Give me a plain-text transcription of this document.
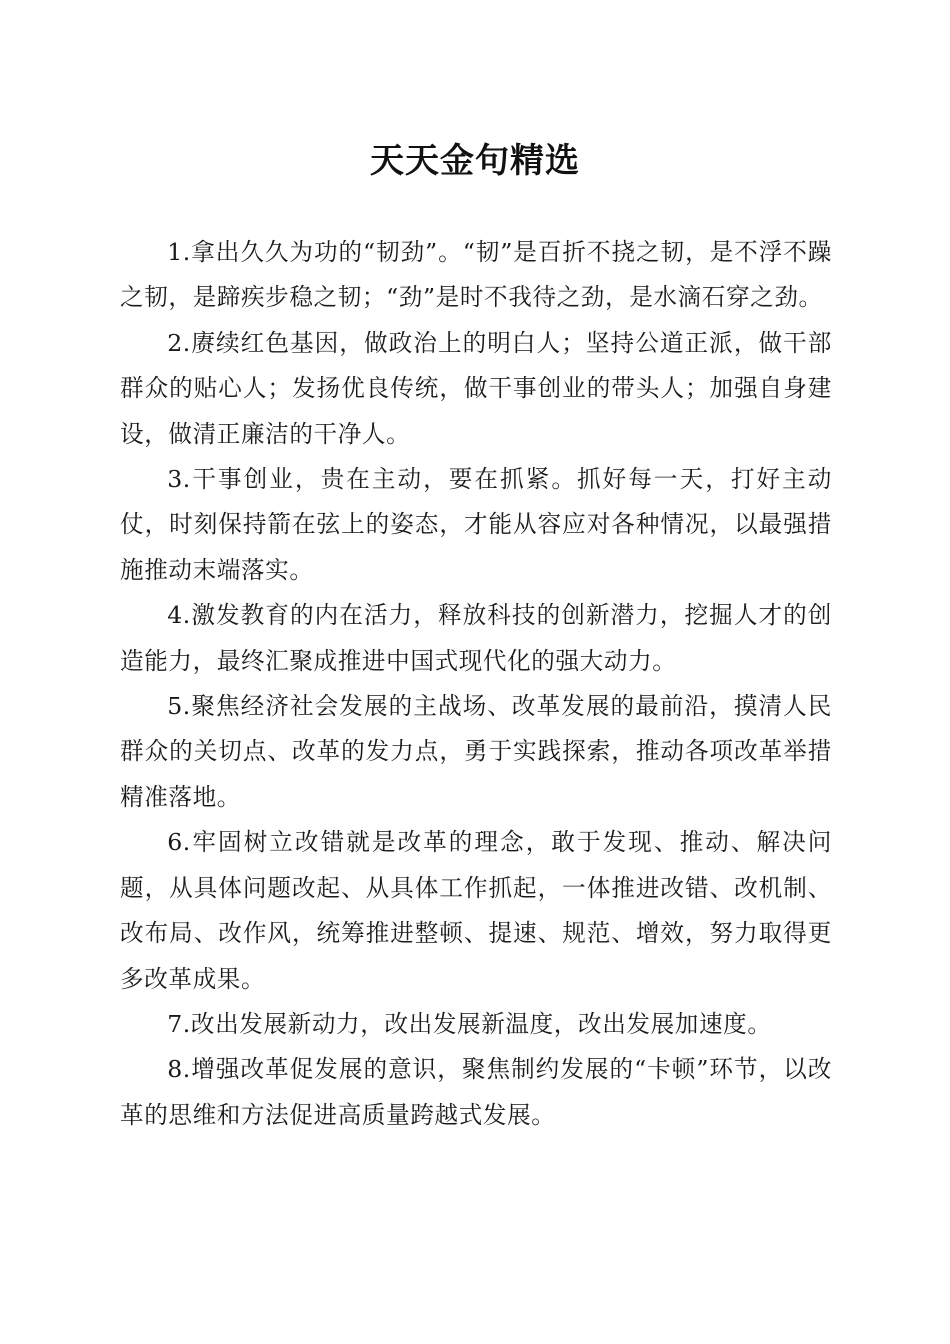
天天金句精选

1.拿出久久为功的“韧劲”。“韧”是百折不挠之韧，是不浮不躁之韧，是蹄疾步稳之韧；“劲”是时不我待之劲，是水滴石穿之劲。

2.赓续红色基因，做政治上的明白人；坚持公道正派，做干部群众的贴心人；发扬优良传统，做干事创业的带头人；加强自身建设，做清正廉洁的干净人。

3.干事创业，贵在主动，要在抓紧。抓好每一天，打好主动仗，时刻保持箭在弦上的姿态，才能从容应对各种情况，以最强措施推动末端落实。

4.激发教育的内在活力，释放科技的创新潜力，挖掘人才的创造能力，最终汇聚成推进中国式现代化的强大动力。

5.聚焦经济社会发展的主战场、改革发展的最前沿，摸清人民群众的关切点、改革的发力点，勇于实践探索，推动各项改革举措精准落地。

6.牢固树立改错就是改革的理念，敢于发现、推动、解决问题，从具体问题改起、从具体工作抓起，一体推进改错、改机制、改布局、改作风，统筹推进整顿、提速、规范、增效，努力取得更多改革成果。

7.改出发展新动力，改出发展新温度，改出发展加速度。

8.增强改革促发展的意识，聚焦制约发展的“卡顿”环节，以改革的思维和方法促进高质量跨越式发展。
